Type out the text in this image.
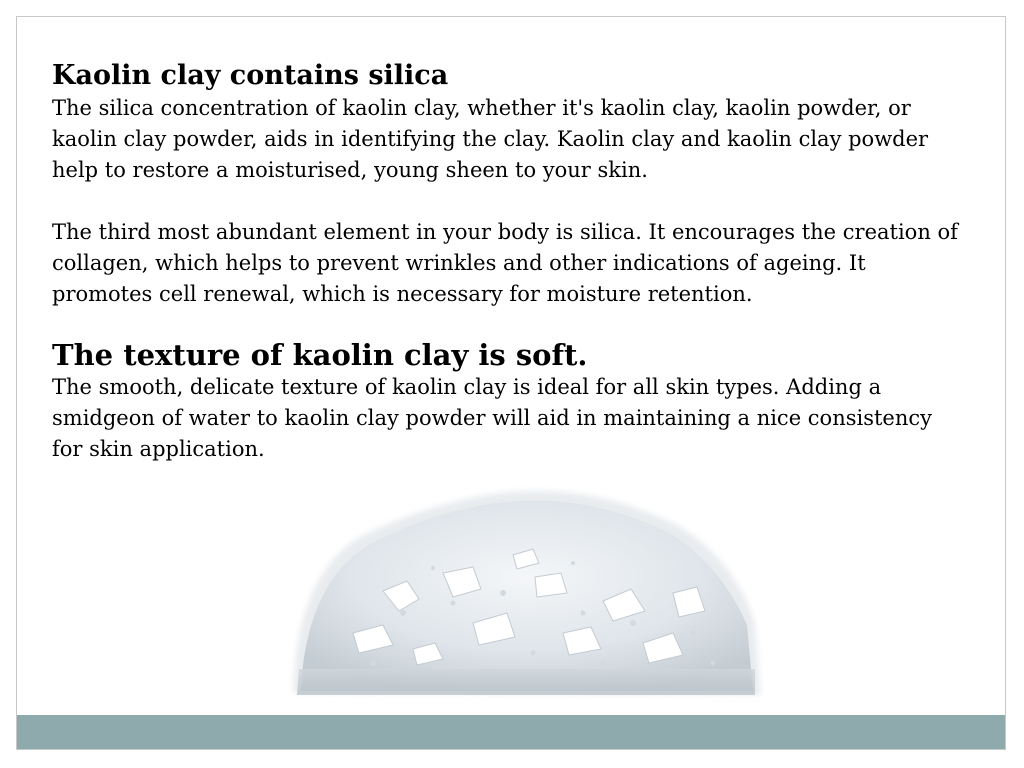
Kaolin clay contains silica

The silica concentration of kaolin clay, whether it's kaolin clay, kaolin powder, or kaolin clay powder, aids in identifying the clay. Kaolin clay and kaolin clay powder help to restore a moisturised, young sheen to your skin.

The third most abundant element in your body is silica. It encourages the creation of collagen, which helps to prevent wrinkles and other indications of ageing. It promotes cell renewal, which is necessary for moisture retention.

The texture of kaolin clay is soft.

The smooth, delicate texture of kaolin clay is ideal for all skin types. Adding a smidgeon of water to kaolin clay powder will aid in maintaining a nice consistency for skin application.
